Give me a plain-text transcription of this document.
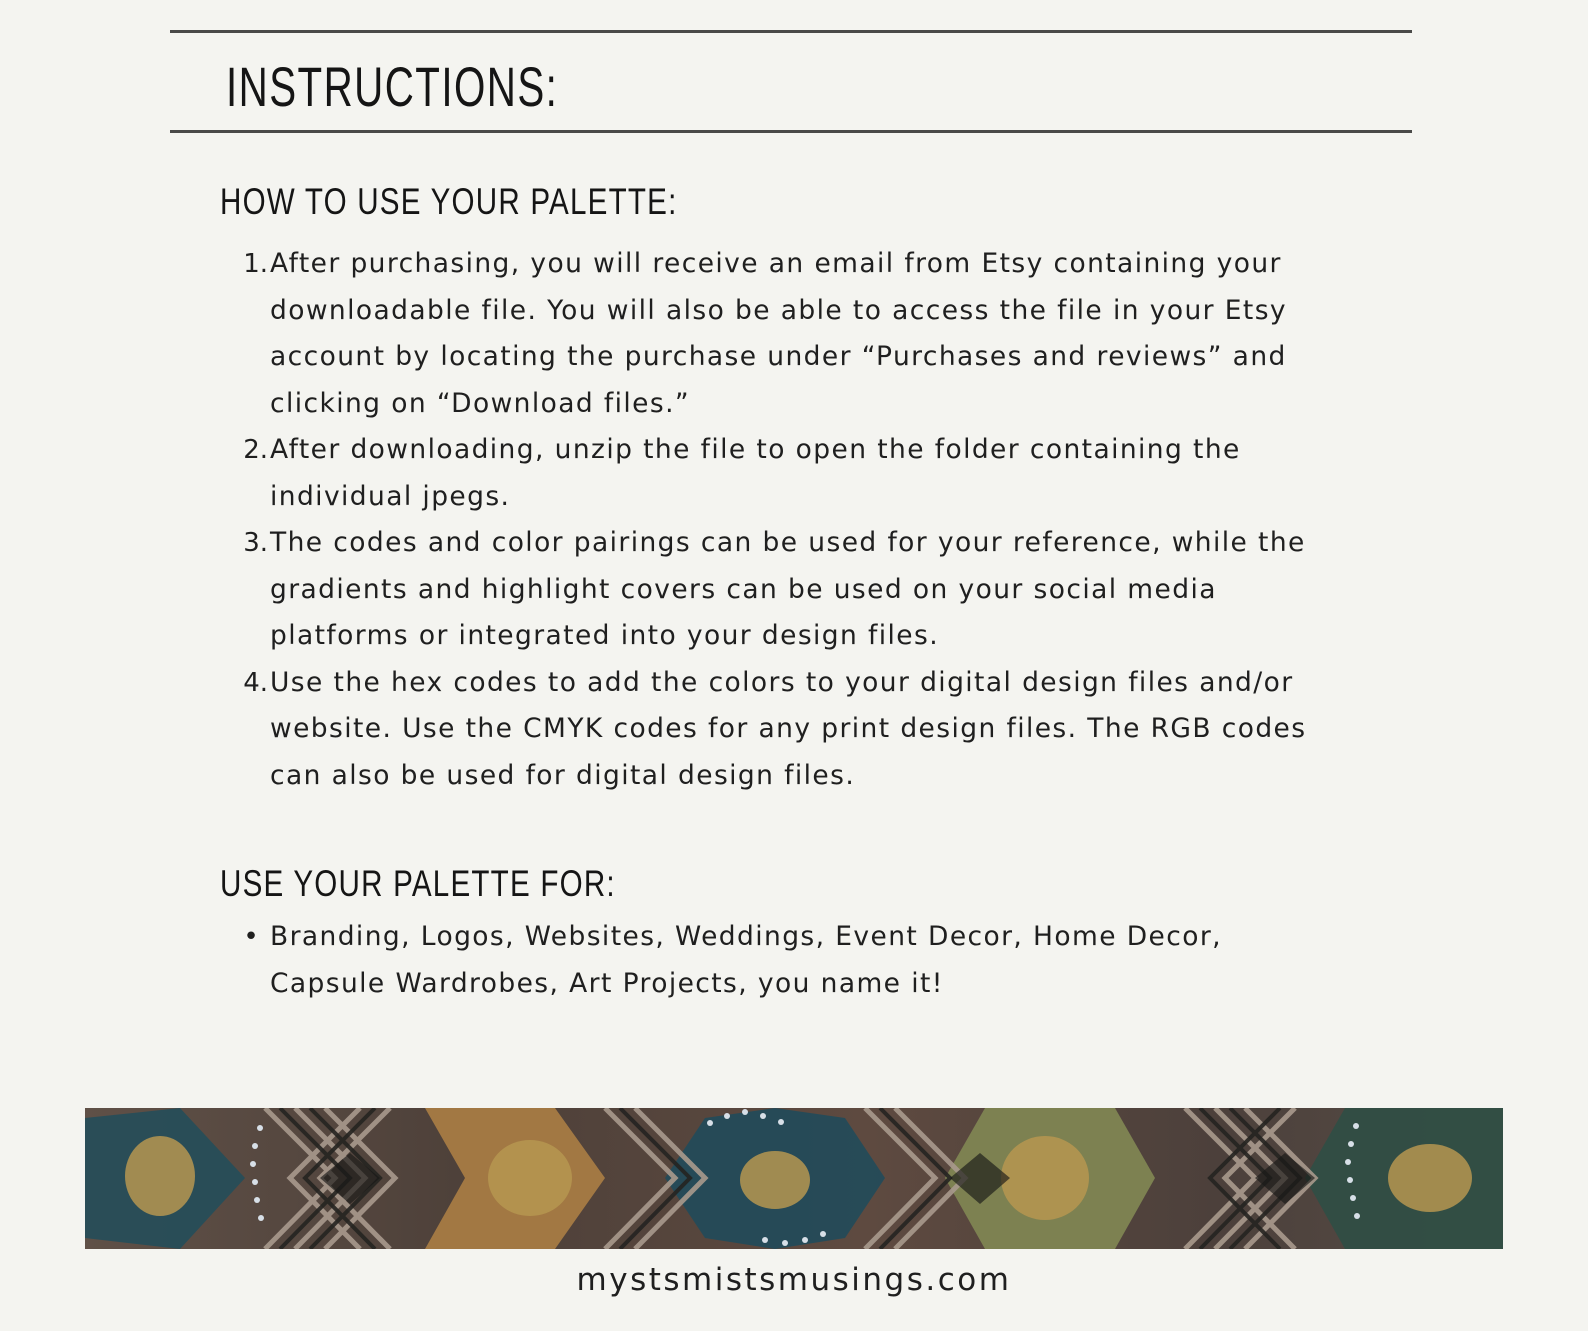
INSTRUCTIONS:
HOW TO USE YOUR PALETTE:
1. After purchasing, you will receive an email from Etsy containing your downloadable file. You will also be able to access the file in your Etsy account by locating the purchase under “Purchases and reviews” and clicking on “Download files.”
2. After downloading, unzip the file to open the folder containing the individual jpegs.
3. The codes and color pairings can be used for your reference, while the gradients and highlight covers can be used on your social media platforms or integrated into your design files.
4. Use the hex codes to add the colors to your digital design files and/or website. Use the CMYK codes for any print design files. The RGB codes can also be used for digital design files.
USE YOUR PALETTE FOR:
• Branding, Logos, Websites, Weddings, Event Decor, Home Decor, Capsule Wardrobes, Art Projects, you name it!
mystsmistsmusings.com
